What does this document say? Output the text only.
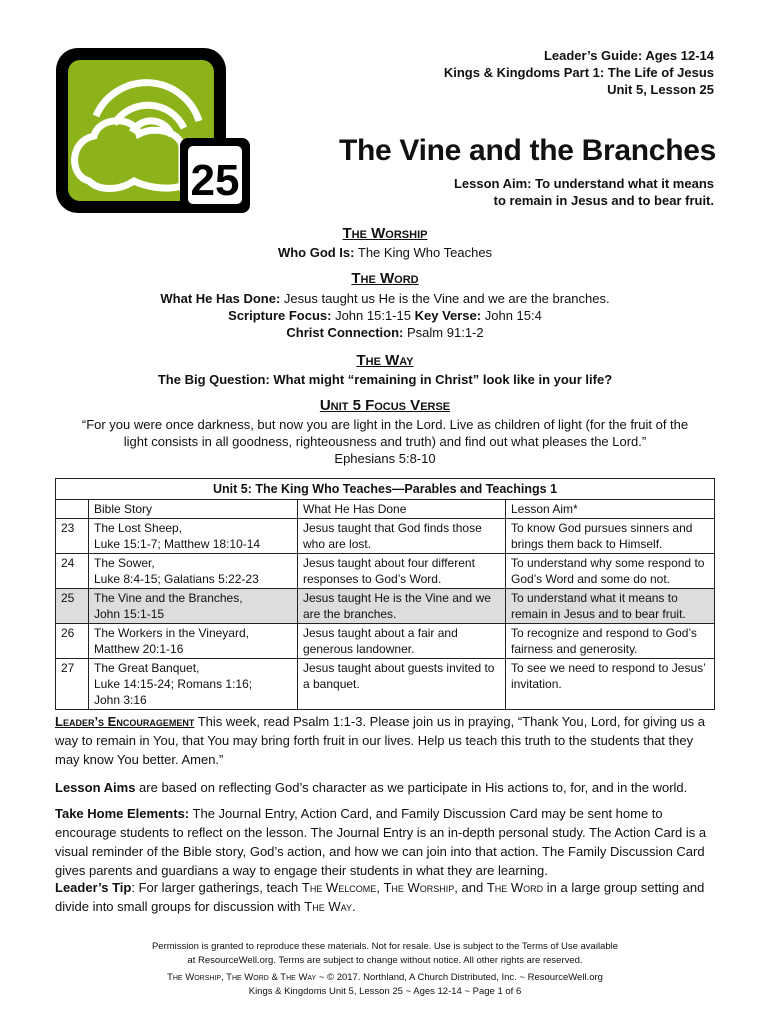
25
Leader’s Guide: Ages 12-14
Kings & Kingdoms Part 1: The Life of Jesus
Unit 5, Lesson 25
The Vine and the Branches
Lesson Aim: To understand what it means
to remain in Jesus and to bear fruit.
The Worship
Who God Is: The King Who Teaches
The Word
What He Has Done: Jesus taught us He is the Vine and we are the branches.
Scripture Focus: John 15:1-15 Key Verse: John 15:4
Christ Connection: Psalm 91:1-2
The Way
The Big Question: What might “remaining in Christ” look like in your life?
Unit 5 Focus Verse
“For you were once darkness, but now you are light in the Lord. Live as children of light (for the fruit of the
light consists in all goodness, righteousness and truth) and find out what pleases the Lord.”
Ephesians 5:8-10
Unit 5: The King Who Teaches—Parables and Teachings 1			
	Bible Story	What He Has Done	Lesson Aim*
23	The Lost Sheep,
Luke 15:1-7; Matthew 18:10-14	Jesus taught that God finds those who are lost.	To know God pursues sinners and brings them back to Himself.
24	The Sower,
Luke 8:4-15; Galatians 5:22-23	Jesus taught about four different responses to God’s Word.	To understand why some respond to God’s Word and some do not.
25	The Vine and the Branches,
John 15:1-15	Jesus taught He is the Vine and we are the branches.	To understand what it means to remain in Jesus and to bear fruit.
26	The Workers in the Vineyard,
Matthew 20:1-16	Jesus taught about a fair and generous landowner.	To recognize and respond to God’s fairness and generosity.
27	The Great Banquet,
Luke 14:15-24; Romans 1:16;
John 3:16	Jesus taught about guests invited to a banquet.	To see we need to respond to Jesus’ invitation.
Leader’s Encouragement This week, read Psalm 1:1-3. Please join us in praying, “Thank You, Lord, for giving us a way to remain in You, that You may bring forth fruit in our lives. Help us teach this truth to the students that they may know You better. Amen.”
Lesson Aims are based on reflecting God’s character as we participate in His actions to, for, and in the world.
Take Home Elements: The Journal Entry, Action Card, and Family Discussion Card may be sent home to encourage students to reflect on the lesson. The Journal Entry is an in-depth personal study. The Action Card is a visual reminder of the Bible story, God’s action, and how we can join into that action. The Family Discussion Card gives parents and guardians a way to engage their students in what they are learning.
Leader’s Tip: For larger gatherings, teach The Welcome, The Worship, and The Word in a large group setting and divide into small groups for discussion with The Way.
Permission is granted to reproduce these materials. Not for resale. Use is subject to the Terms of Use available
at ResourceWell.org. Terms are subject to change without notice. All other rights are reserved.
The Worship, The Word & The Way ~ © 2017. Northland, A Church Distributed, Inc. ~ ResourceWell.org
Kings & Kingdoms Unit 5, Lesson 25 ~ Ages 12-14 ~ Page 1 of 6
